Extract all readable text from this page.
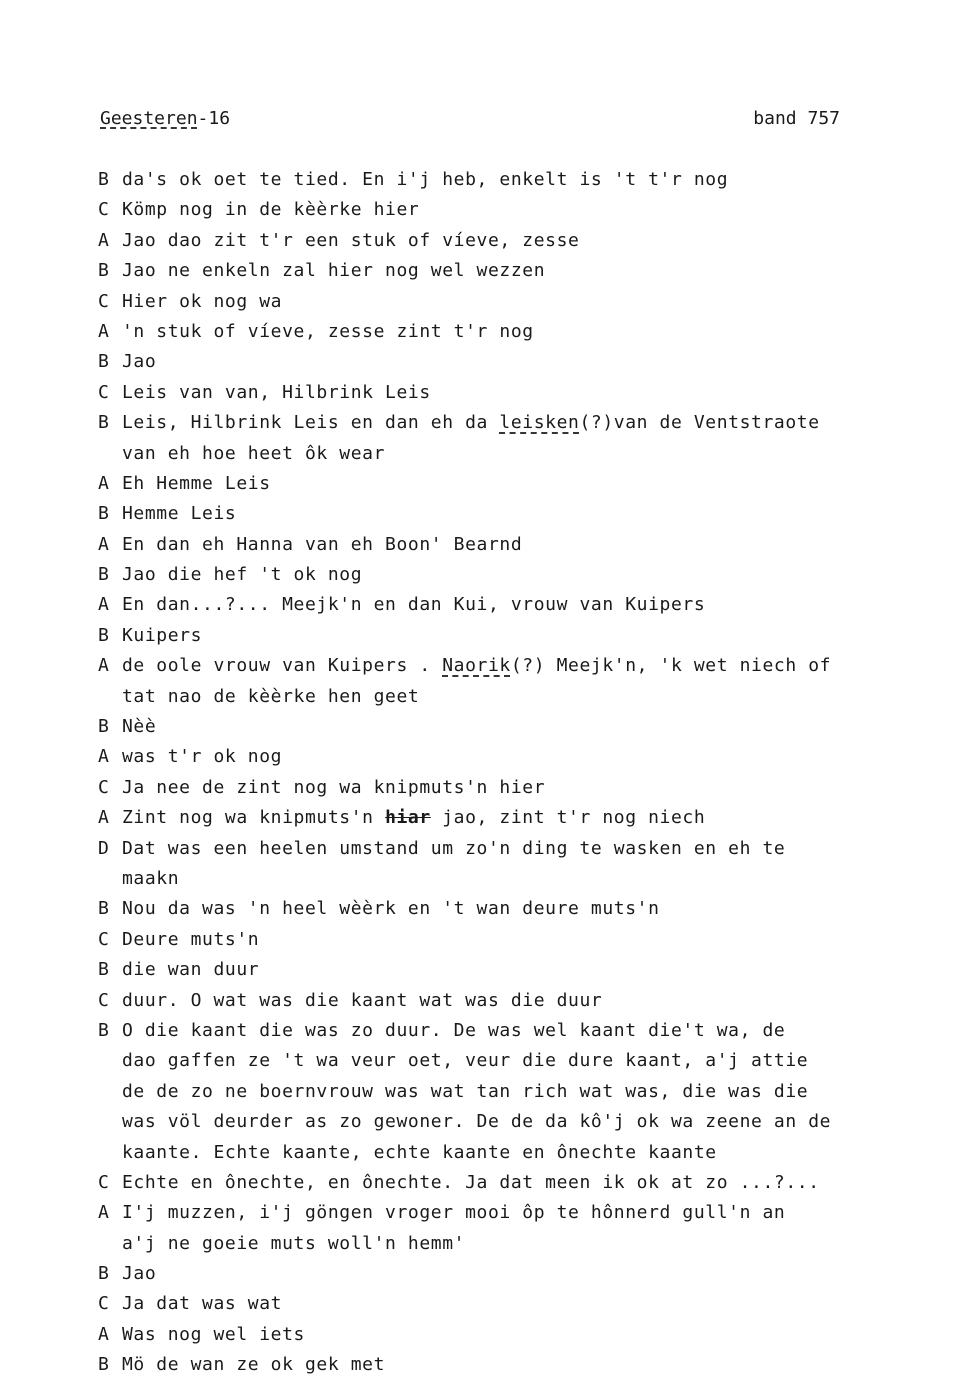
Geesteren-16	band 757
B da's ok oet te tied. En i'j heb, enkelt is 't t'r nog
C Kömp nog in de kèèrke hier
A Jao dao zit t'r een stuk of víeve, zesse
B Jao ne enkeln zal hier nog wel wezzen
C Hier ok nog wa
A 'n stuk of víeve, zesse zint t'r nog
B Jao
C Leis van van, Hilbrink Leis
B Leis, Hilbrink Leis en dan eh da leisken(?)van de Ventstraote
van eh hoe heet ôk wear
A Eh Hemme Leis
B Hemme Leis
A En dan eh Hanna van eh Boon' Bearnd
B Jao die hef 't ok nog
A En dan...?... Meejk'n en dan Kui, vrouw van Kuipers
B Kuipers
A de oole vrouw van Kuipers . Naorik(?) Meejk'n, 'k wet niech of
tat nao de kèèrke hen geet
B Nèè
A was t'r ok nog
C Ja nee de zint nog wa knipmuts'n hier
A Zint nog wa knipmuts'n hiar jao, zint t'r nog niech
D Dat was een heelen umstand um zo'n ding te wasken en eh te
maakn
B Nou da was 'n heel wèèrk en 't wan deure muts'n
C Deure muts'n
B die wan duur
C duur. O wat was die kaant wat was die duur
B O die kaant die was zo duur. De was wel kaant die't wa, de
dao gaffen ze 't wa veur oet, veur die dure kaant, a'j attie
de de zo ne boernvrouw was wat tan rich wat was, die was die
was völ deurder as zo gewoner. De de da kô'j ok wa zeene an de
kaante. Echte kaante, echte kaante en ônechte kaante
C Echte en ônechte, en ônechte. Ja dat meen ik ok at zo ...?...
A I'j muzzen, i'j göngen vroger mooi ôp te hônnerd gull'n an
a'j ne goeie muts woll'n hemm'
B Jao
C Ja dat was wat
A Was nog wel iets
B Mö de wan ze ok gek met
